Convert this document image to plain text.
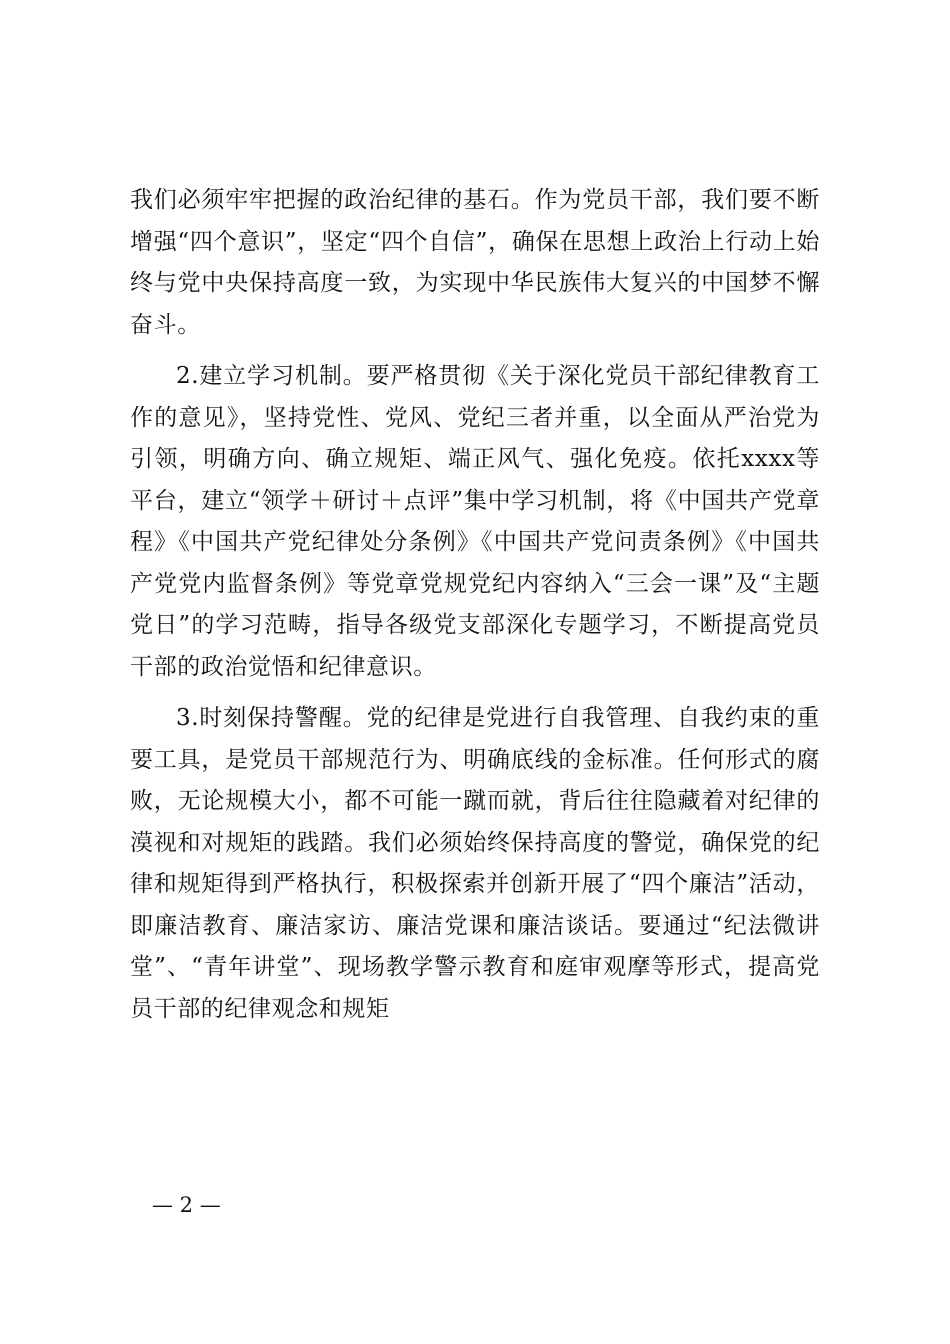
我们必须牢牢把握的政治纪律的基石。作为党员干部，我们要不断增强“四个意识”，坚定“四个自信”，确保在思想上政治上行动上始终与党中央保持高度一致，为实现中华民族伟大复兴的中国梦不懈奋斗。

2.建立学习机制。要严格贯彻《关于深化党员干部纪律教育工作的意见》，坚持党性、党风、党纪三者并重，以全面从严治党为引领，明确方向、确立规矩、端正风气、强化免疫。依托xxxx等平台，建立“领学＋研讨＋点评”集中学习机制，将《中国共产党章程》《中国共产党纪律处分条例》《中国共产党问责条例》《中国共产党党内监督条例》等党章党规党纪内容纳入“三会一课”及“主题党日”的学习范畴，指导各级党支部深化专题学习，不断提高党员干部的政治觉悟和纪律意识。

3.时刻保持警醒。党的纪律是党进行自我管理、自我约束的重要工具，是党员干部规范行为、明确底线的金标准。任何形式的腐败，无论规模大小，都不可能一蹴而就，背后往往隐藏着对纪律的漠视和对规矩的践踏。我们必须始终保持高度的警觉，确保党的纪律和规矩得到严格执行，积极探索并创新开展了“四个廉洁”活动，即廉洁教育、廉洁家访、廉洁党课和廉洁谈话。要通过“纪法微讲堂”、“青年讲堂”、现场教学警示教育和庭审观摩等形式，提高党员干部的纪律观念和规矩

— 2 —
